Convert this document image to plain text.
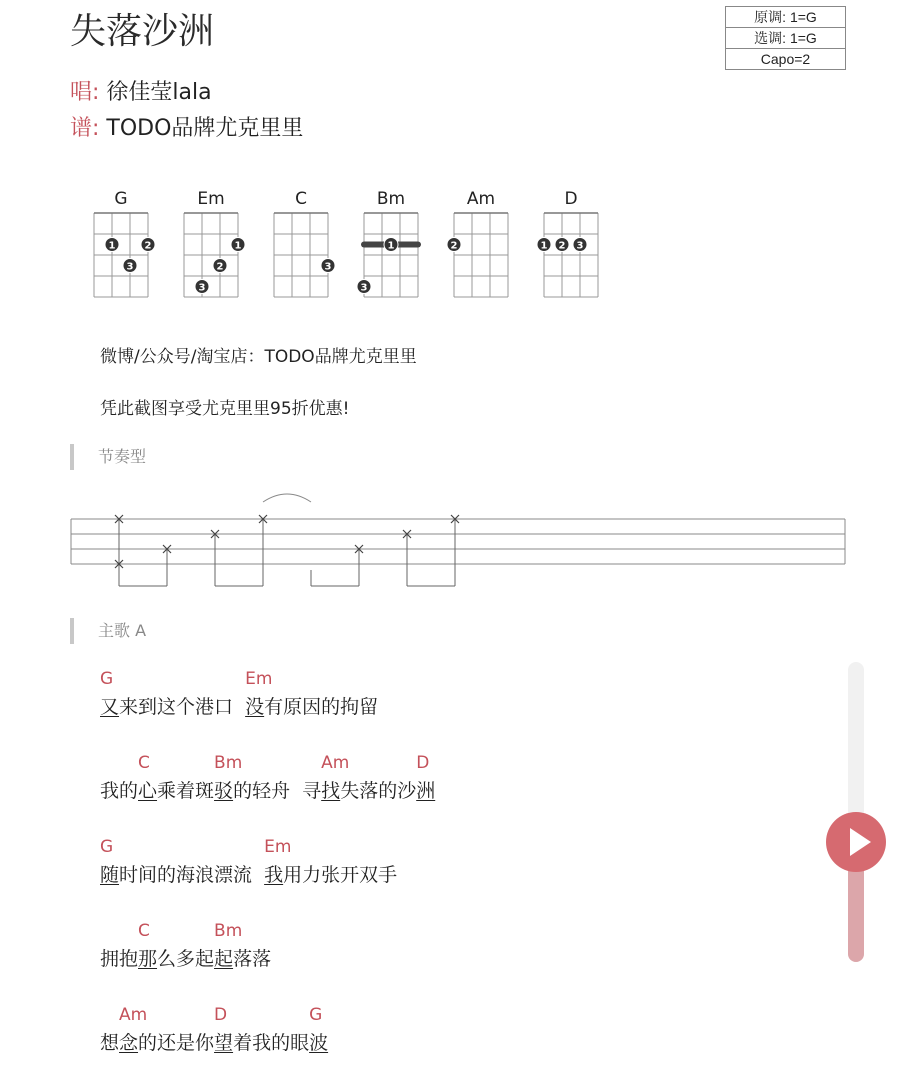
失落沙洲
唱: 徐佳莹lala
谱: TODO品牌尤克里里
原调: 1=G
选调: 1=G
Capo=2
G
1	2
3
Em
1
2
3
C
3
Bm
1
3
Am
2
D
1 2 3
微博/公众号/淘宝店：TODO品牌尤克里里
凭此截图享受尤克里里95折优惠!
节奏型
主歌 A
又
G
来到这个港口
没
Em
有原因的拘留
我的 心
C
乘着斑 驳
Bm
的轻舟 寻 找
Am
失落的沙 洲
D
随
G
时间的海浪漂流
我
Em
用力张开双手
拥抱 那
C
么多起 起
Bm
落落
想 念
Am
的还是你 望
D
着我的眼 波
G
